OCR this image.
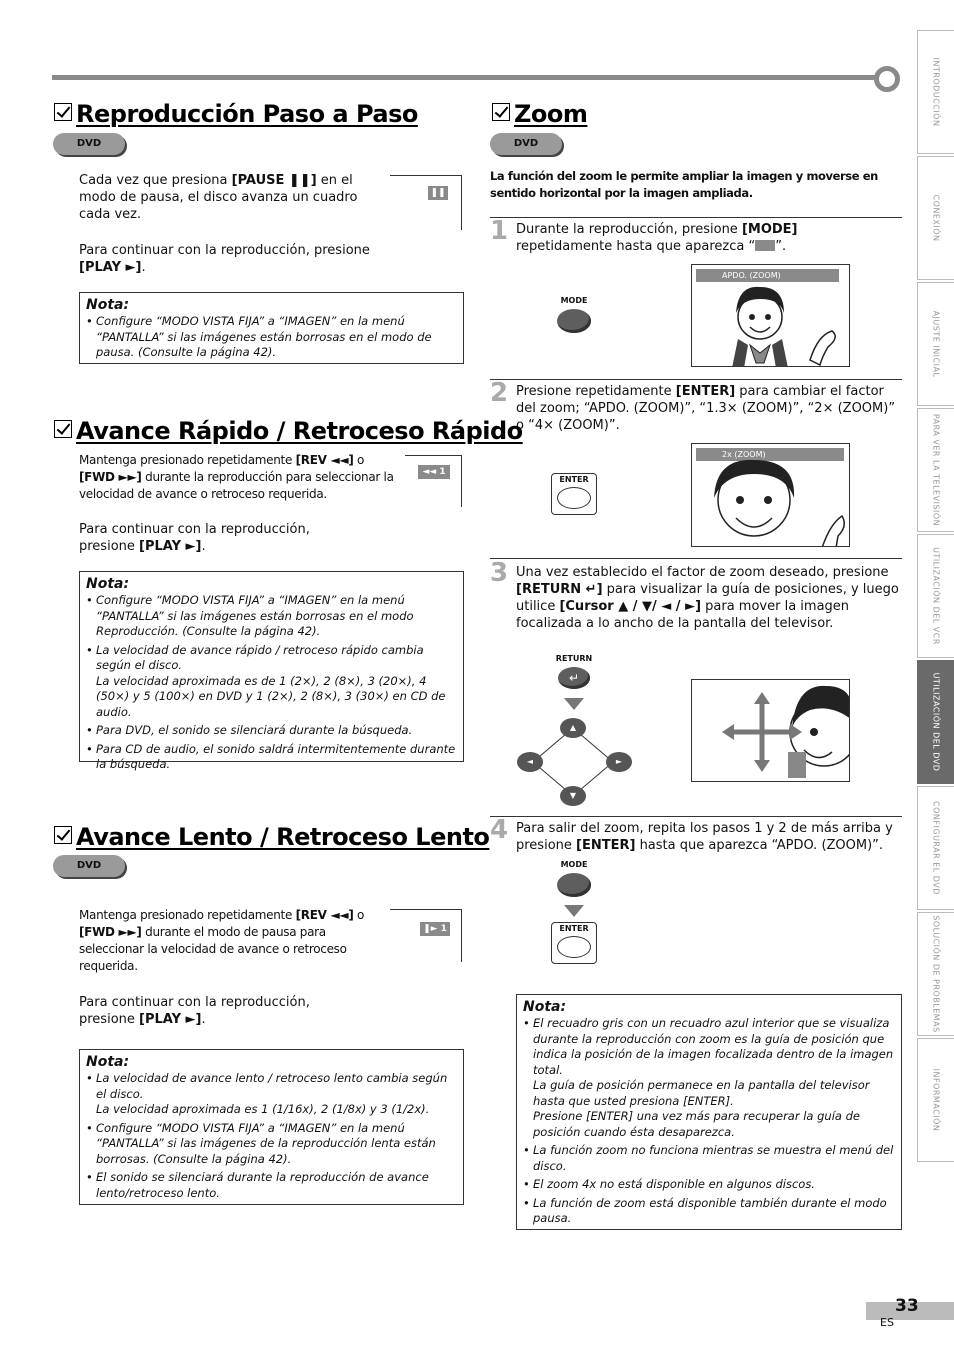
INTRODUCCIÓN
CONEXIÓN
AJUSTE INICIAL
PARA VER LA TELEVISIÓN
UTILIZACIÓN DEL VCR
UTILIZACIÓN DEL DVD
CONFIGURAR EL DVD
SOLUCIÓN DE PROBLEMAS
INFORMACIÓN
Reproducción Paso a Paso
DVD
Cada vez que presiona [PAUSE ❚❚] en el modo de pausa, el disco avanza un cuadro cada vez.
❚❚
Para continuar con la reproducción, presione [PLAY ►].
Nota:
• Configure “MODO VISTA FIJA” a “IMAGEN” en la menú “PANTALLA” si las imágenes están borrosas en el modo de pausa. (Consulte la página 42).
Avance Rápido / Retroceso Rápido
Mantenga presionado repetidamente [REV ◄◄] o [FWD ►►] durante la reproducción para seleccionar la velocidad de avance o retroceso requerida.
◄◄ 1
Para continuar con la reproducción, presione [PLAY ►].
Nota:
• Configure “MODO VISTA FIJA” a “IMAGEN” en la menú “PANTALLA” si las imágenes están borrosas en el modo Reproducción. (Consulte la página 42).
• La velocidad de avance rápido / retroceso rápido cambia según el disco.
La velocidad aproximada es de 1 (2×), 2 (8×), 3 (20×), 4 (50×) y 5 (100×) en DVD y 1 (2×), 2 (8×), 3 (30×) en CD de audio.
• Para DVD, el sonido se silenciará durante la búsqueda.
• Para CD de audio, el sonido saldrá intermitentemente durante la búsqueda.
Avance Lento / Retroceso Lento
DVD
Mantenga presionado repetidamente [REV ◄◄] o [FWD ►►] durante el modo de pausa para seleccionar la velocidad de avance o retroceso requerida.
❚► 1
Para continuar con la reproducción, presione [PLAY ►].
Nota:
• La velocidad de avance lento / retroceso lento cambia según el disco.
La velocidad aproximada es 1 (1/16x), 2 (1/8x) y 3 (1/2x).
• Configure “MODO VISTA FIJA” a “IMAGEN” en la menú “PANTALLA” si las imágenes de la reproducción lenta están borrosas. (Consulte la página 42).
• El sonido se silenciará durante la reproducción de avance lento/retroceso lento.
Zoom
DVD
La función del zoom le permite ampliar la imagen y moverse en sentido horizontal por la imagen ampliada.
1 Durante la reproducción, presione [MODE] repetidamente hasta que aparezca “ ”.
MODE
APDO. (ZOOM)
2 Presione repetidamente [ENTER] para cambiar el factor del zoom; “APDO. (ZOOM)”, “1.3× (ZOOM)”, “2× (ZOOM)” o “4× (ZOOM)”.
ENTER
2x (ZOOM)
3 Una vez establecido el factor de zoom deseado, presione [RETURN ↵] para visualizar la guía de posiciones, y luego utilice [Cursor ▲ / ▼/ ◄ / ►] para mover la imagen focalizada a lo ancho de la pantalla del televisor.
RETURN
↵
▲
◄	►
▼
4 Para salir del zoom, repita los pasos 1 y 2 de más arriba y presione [ENTER] hasta que aparezca “APDO. (ZOOM)”.
MODE
ENTER
Nota:
• El recuadro gris con un recuadro azul interior que se visualiza durante la reproducción con zoom es la guía de posición que indica la posición de la imagen focalizada dentro de la imagen total.
La guía de posición permanece en la pantalla del televisor hasta que usted presiona [ENTER].
Presione [ENTER] una vez más para recuperar la guía de posición cuando ésta desaparezca.
• La función zoom no funciona mientras se muestra el menú del disco.
• El zoom 4x no está disponible en algunos discos.
• La función de zoom está disponible también durante el modo pausa.
33
ES
